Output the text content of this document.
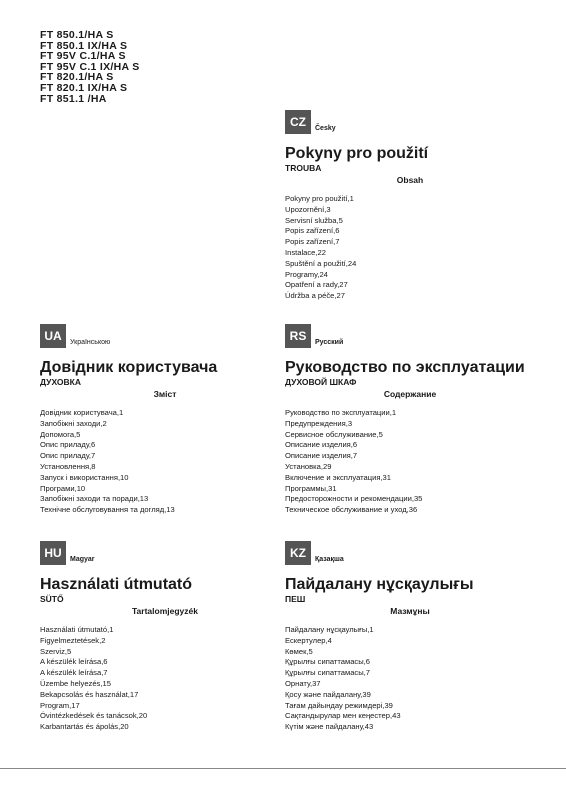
FT 850.1/HA S
FT 850.1 IX/HA S
FT 95V C.1/HA S
FT 95V C.1 IX/HA S
FT 820.1/HA S
FT 820.1 IX/HA S
FT 851.1 /HA
CZ	Česky
Pokyny pro použití
TROUBA
Obsah
Pokyny pro použití,1
Upozornění,3
Servisní služba,5
Popis zařízení,6
Popis zařízení,7
Instalace,22
Spuštění a použití,24
Programy,24
Opatření a rady,27
Údržba a péče,27
UA	Українською
Довідник користувача
ДУХОВКА
Зміст
Довідник користувача,1
Запобіжні заходи,2
Допомога,5
Опис приладу,6
Опис приладу,7
Установлення,8
Запуск і використання,10
Програми,10
Запобіжні заходи та поради,13
Технічне обслуговування та догляд,13
RS	Русский
Руководство по эксплуатации
ДУХОВОЙ ШКАФ
Содержание
Руководство по эксплуатации,1
Предупреждения,3
Сервисное обслуживание,5
Описание изделия,6
Описание изделия,7
Установка,29
Включение и эксплуатация,31
Программы,31
Предосторожности и рекомендации,35
Техническое обслуживание и уход,36
HU	Magyar
Használati útmutató
SÜTŐ
Tartalomjegyzék
Használati útmutató,1
Figyelmeztetések,2
Szerviz,5
A készülék leírása,6
A készülék leírása,7
Üzembe helyezés,15
Bekapcsolás és használat,17
Program,17
Óvintézkedések és tanácsok,20
Karbantartás és ápolás,20
KZ	Қазақша
Пайдалану нұсқаулығы
ПЕШ
Мазмұны
Пайдалану нұсқаулығы,1
Ескертулер,4
Көмек,5
Құрылғы сипаттамасы,6
Құрылғы сипаттамасы,7
Орнату,37
Қосу және пайдалану,39
Тағам дайындау режимдері,39
Сақтандырулар мен кеңестер,43
Күтім және пайдалану,43
